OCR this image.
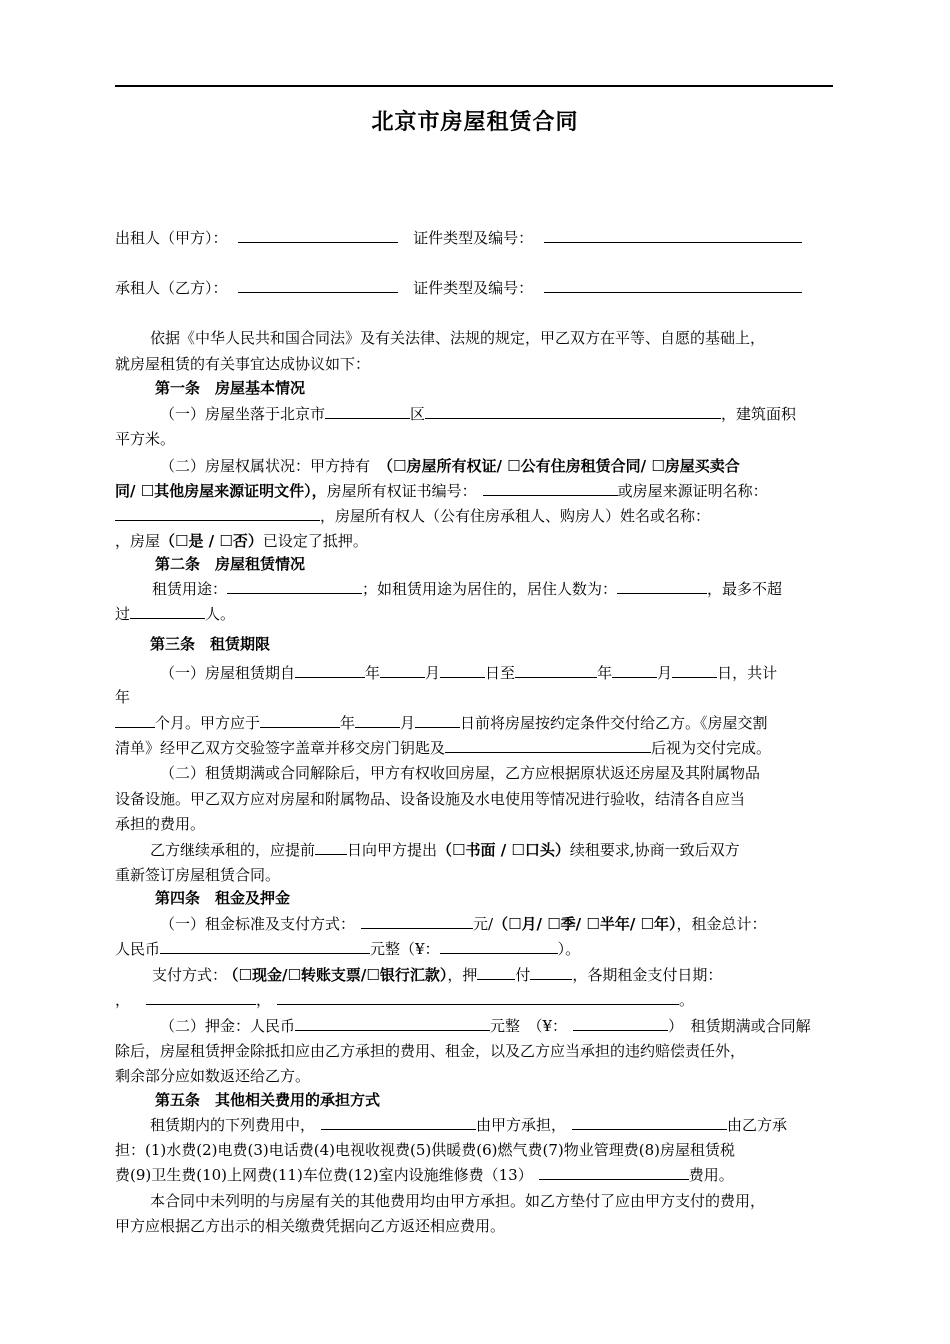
北京市房屋租赁合同
出租人（甲方）：	证件类型及编号：
承租人（乙方）：	证件类型及编号：
依据《中华人民共和国合同法》及有关法律、法规的规定，甲乙双方在平等、自愿的基础上，
就房屋租赁的有关事宜达成协议如下：
第一条　房屋基本情况
（一）房屋坐落于北京市	区	，建筑面积
平方米。
（二）房屋权属状况：甲方持有 （☐房屋所有权证/ ☐公有住房租赁合同/ ☐房屋买卖合
同/ ☐其他房屋来源证明文件），房屋所有权证书编号：	或房屋来源证明名称：
，房屋所有权人（公有住房承租人、购房人）姓名或名称：
，房屋（☐是 / ☐否）已设定了抵押。
第二条　房屋租赁情况
租赁用途：	；如租赁用途为居住的，居住人数为：	，最多不超
过	人。
第三条　租赁期限
（一）房屋租赁期自	年	月	日至	年	月	日，共计
年
个月。甲方应于	年	月	日前将房屋按约定条件交付给乙方。《房屋交割
清单》经甲乙双方交验签字盖章并移交房门钥匙及	后视为交付完成。
（二）租赁期满或合同解除后，甲方有权收回房屋，乙方应根据原状返还房屋及其附属物品
设备设施。甲乙双方应对房屋和附属物品、设备设施及水电使用等情况进行验收，结清各自应当
承担的费用。
乙方继续承租的，应提前 日向甲方提出（☐书面 / ☐口头）续租要求,协商一致后双方
重新签订房屋租赁合同。
第四条　租金及押金
（一）租金标准及支付方式：	元/（☐月/ ☐季/ ☐半年/ ☐年），租金总计：
人民币	元整（¥：	）。
支付方式： （☐现金/☐转账支票/☐银行汇款），押	付	，各期租金支付日期：
，	，	。
（二）押金：人民币	元整　（¥：	）　租赁期满或合同解
除后，房屋租赁押金除抵扣应由乙方承担的费用、租金，以及乙方应当承担的违约赔偿责任外，
剩余部分应如数返还给乙方。
第五条　其他相关费用的承担方式
租赁期内的下列费用中，	由甲方承担，	由乙方承
担：(1)水费(2)电费(3)电话费(4)电视收视费(5)供暖费(6)燃气费(7)物业管理费(8)房屋租赁税
费(9)卫生费(10)上网费(11)车位费(12)室内设施维修费（13）	费用。
本合同中未列明的与房屋有关的其他费用均由甲方承担。如乙方垫付了应由甲方支付的费用，
甲方应根据乙方出示的相关缴费凭据向乙方返还相应费用。
